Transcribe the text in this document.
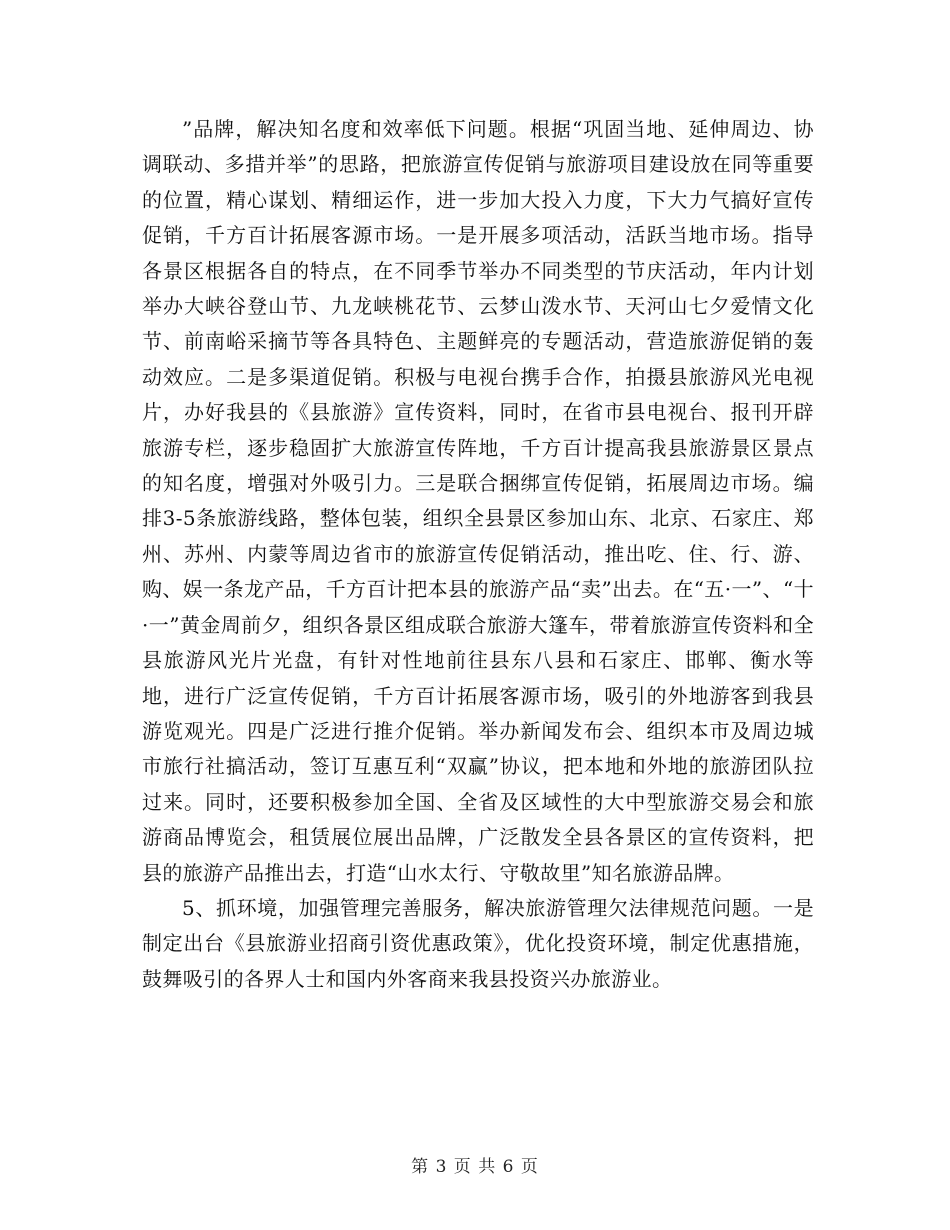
”品牌，解决知名度和效率低下问题。根据“巩固当地、延伸周边、协调联动、多措并举”的思路，把旅游宣传促销与旅游项目建设放在同等重要的位置，精心谋划、精细运作，进一步加大投入力度，下大力气搞好宣传促销，千方百计拓展客源市场。一是开展多项活动，活跃当地市场。指导各景区根据各自的特点，在不同季节举办不同类型的节庆活动，年内计划举办大峡谷登山节、九龙峡桃花节、云梦山泼水节、天河山七夕爱情文化节、前南峪采摘节等各具特色、主题鲜亮的专题活动，营造旅游促销的轰动效应。二是多渠道促销。积极与电视台携手合作，拍摄县旅游风光电视片，办好我县的《县旅游》宣传资料，同时，在省市县电视台、报刊开辟旅游专栏，逐步稳固扩大旅游宣传阵地，千方百计提高我县旅游景区景点的知名度，增强对外吸引力。三是联合捆绑宣传促销，拓展周边市场。编排3-5条旅游线路，整体包装，组织全县景区参加山东、北京、石家庄、郑州、苏州、内蒙等周边省市的旅游宣传促销活动，推出吃、住、行、游、购、娱一条龙产品，千方百计把本县的旅游产品“卖”出去。在“五·一”、“十·一”黄金周前夕，组织各景区组成联合旅游大篷车，带着旅游宣传资料和全县旅游风光片光盘，有针对性地前往县东八县和石家庄、邯郸、衡水等地，进行广泛宣传促销，千方百计拓展客源市场，吸引的外地游客到我县游览观光。四是广泛进行推介促销。举办新闻发布会、组织本市及周边城市旅行社搞活动，签订互惠互利“双赢”协议，把本地和外地的旅游团队拉过来。同时，还要积极参加全国、全省及区域性的大中型旅游交易会和旅游商品博览会，租赁展位展出品牌，广泛散发全县各景区的宣传资料，把县的旅游产品推出去，打造“山水太行、守敬故里”知名旅游品牌。

5、抓环境，加强管理完善服务，解决旅游管理欠法律规范问题。一是制定出台《县旅游业招商引资优惠政策》，优化投资环境，制定优惠措施，鼓舞吸引的各界人士和国内外客商来我县投资兴办旅游业。

第 3 页 共 6 页
